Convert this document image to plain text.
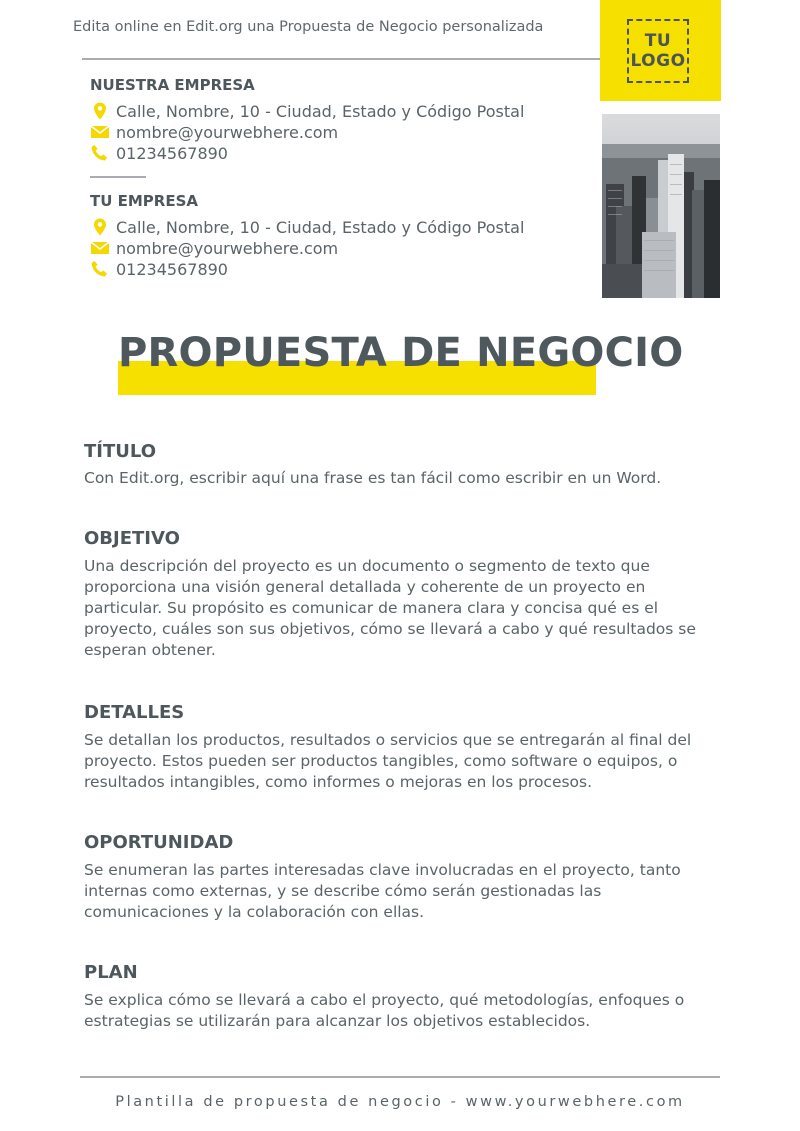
Edita online en Edit.org una Propuesta de Negocio personalizada
TU
LOGO
NUESTRA EMPRESA
Calle, Nombre, 10 - Ciudad, Estado y Código Postal
nombre@yourwebhere.com
01234567890
TU EMPRESA
Calle, Nombre, 10 - Ciudad, Estado y Código Postal
nombre@yourwebhere.com
01234567890
PROPUESTA DE NEGOCIO
TÍTULO
Con Edit.org, escribir aquí una frase es tan fácil como escribir en un Word.
OBJETIVO
Una descripción del proyecto es un documento o segmento de texto que proporciona una visión general detallada y coherente de un proyecto en particular. Su propósito es comunicar de manera clara y concisa qué es el proyecto, cuáles son sus objetivos, cómo se llevará a cabo y qué resultados se esperan obtener.
DETALLES
Se detallan los productos, resultados o servicios que se entregarán al final del proyecto. Estos pueden ser productos tangibles, como software o equipos, o resultados intangibles, como informes o mejoras en los procesos.
OPORTUNIDAD
Se enumeran las partes interesadas clave involucradas en el proyecto, tanto internas como externas, y se describe cómo serán gestionadas las comunicaciones y la colaboración con ellas.
PLAN
Se explica cómo se llevará a cabo el proyecto, qué metodologías, enfoques o estrategias se utilizarán para alcanzar los objetivos establecidos.
Plantilla de propuesta de negocio - www.yourwebhere.com
